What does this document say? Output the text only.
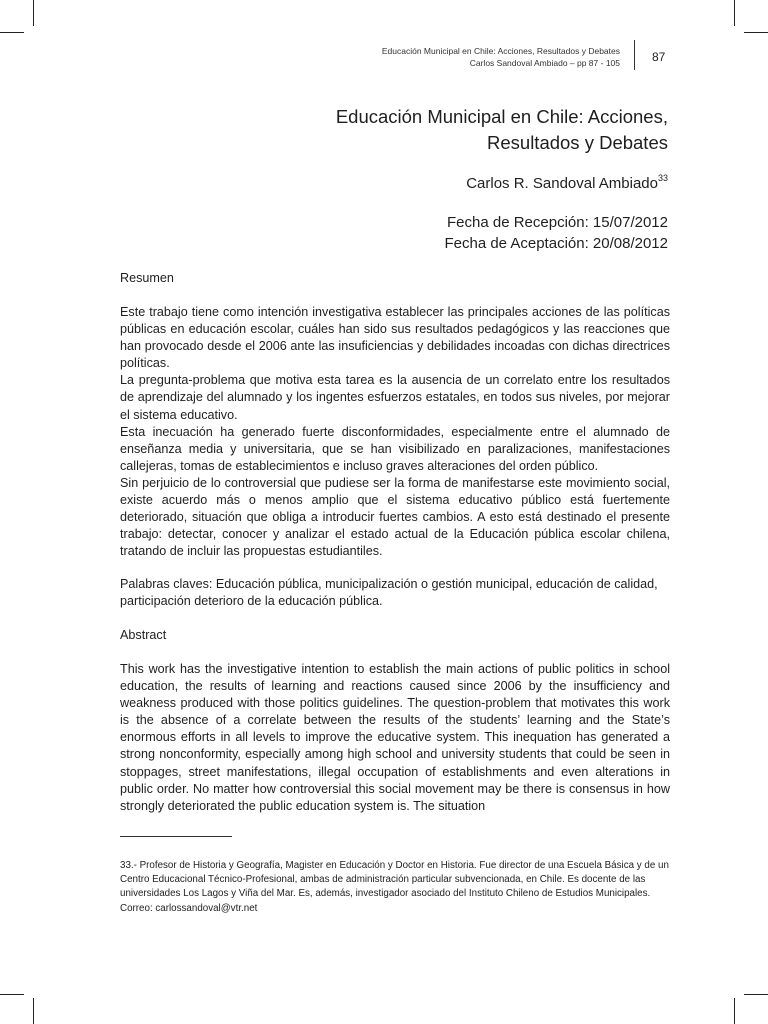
Educación Municipal en Chile: Acciones, Resultados y Debates
Carlos Sandoval Ambiado – pp 87 - 105	87
Educación Municipal en Chile: Acciones,
Resultados y Debates
Carlos R. Sandoval Ambiado$^{33}$
Fecha de Recepción: 15/07/2012
Fecha de Aceptación: 20/08/2012
Resumen

Este trabajo tiene como intención investigativa establecer las principales acciones de las políticas públicas en educación escolar, cuáles han sido sus resultados pedagógicos y las reacciones que han provocado desde el 2006 ante las insuficiencias y debilidades incoadas con dichas directrices políticas.

La pregunta-problema que motiva esta tarea es la ausencia de un correlato entre los resultados de aprendizaje del alumnado y los ingentes esfuerzos estatales, en todos sus niveles, por mejorar el sistema educativo.

Esta inecuación ha generado fuerte disconformidades, especialmente entre el alumnado de enseñanza media y universitaria, que se han visibilizado en paralizaciones, manifestaciones callejeras, tomas de establecimientos e incluso graves alteraciones del orden público.

Sin perjuicio de lo controversial que pudiese ser la forma de manifestarse este movimiento social, existe acuerdo más o menos amplio que el sistema educativo público está fuertemente deteriorado, situación que obliga a introducir fuertes cambios. A esto está destinado el presente trabajo: detectar, conocer y analizar el estado actual de la Educación pública escolar chilena, tratando de incluir las propuestas estudiantiles.

Palabras claves: Educación pública, municipalización o gestión municipal, educación de calidad, participación deterioro de la educación pública.

Abstract

This work has the investigative intention to establish the main actions of public politics in school education, the results of learning and reactions caused since 2006 by the insufficiency and weakness produced with those politics guidelines. The question-problem that motivates this work is the absence of a correlate between the results of the students’ learning and the State’s enormous efforts in all levels to improve the educative system. This inequation has generated a strong nonconformity, especially among high school and university students that could be seen in stoppages, street manifestations, illegal occupation of establishments and even alterations in public order. No matter how controversial this social movement may be there is consensus in how strongly deteriorated the public education system is. The situation

33.- Profesor de Historia y Geografía, Magister en Educación y Doctor en Historia. Fue director de una Escuela Básica y de un Centro Educacional Técnico-Profesional, ambas de administración particular subvencionada, en Chile. Es docente de las universidades Los Lagos y Viña del Mar. Es, además, investigador asociado del Instituto Chileno de Estudios Municipales. Correo: carlossandoval@vtr.net
